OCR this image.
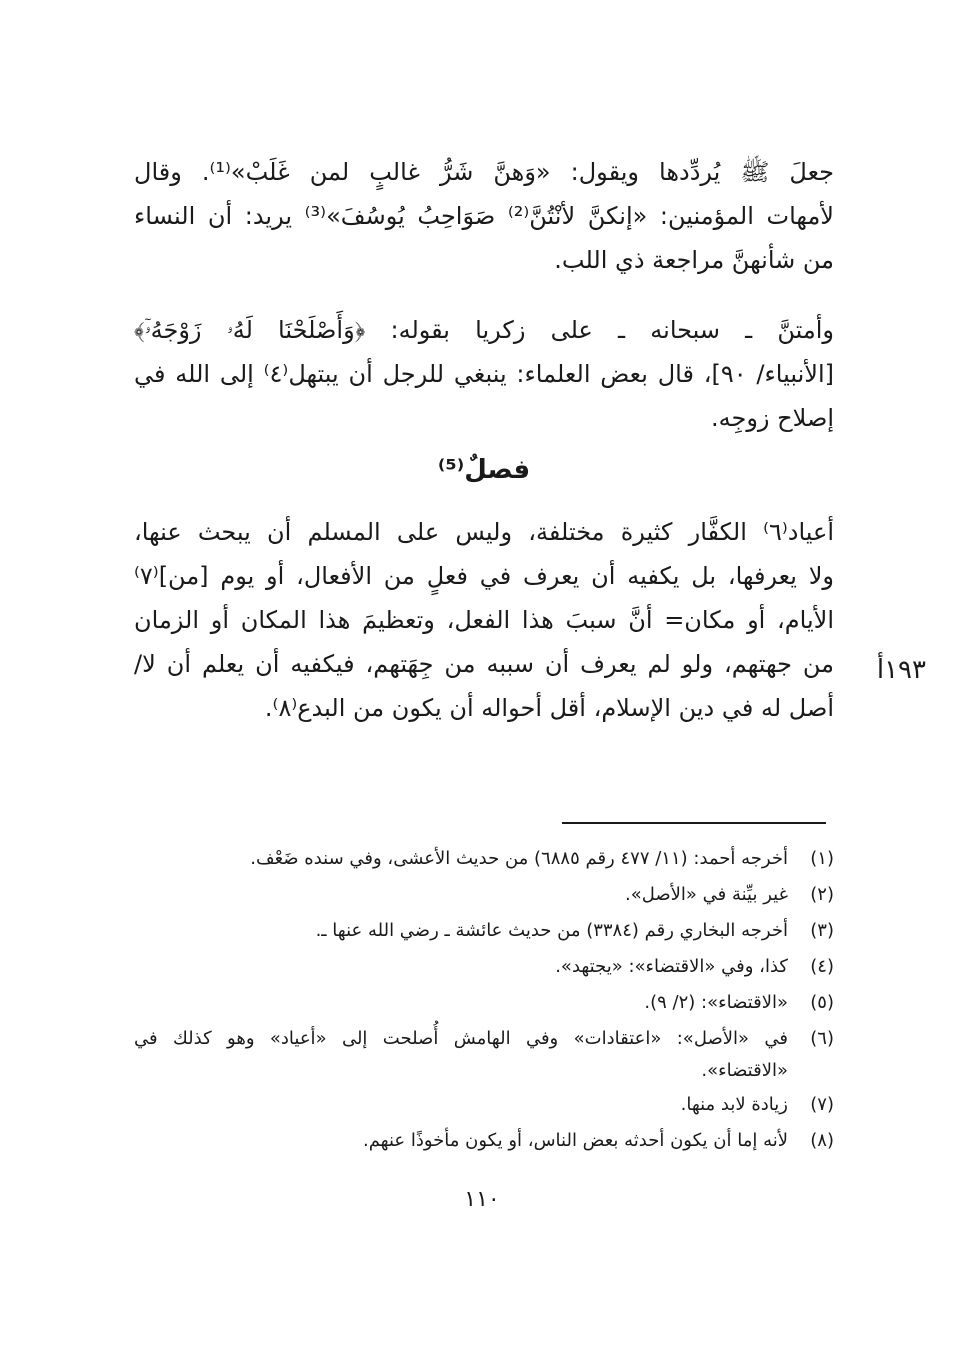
جعلَ ﷺ يُردِّدها ويقول: «وَهنَّ شَرُّ غالبٍ لمن غَلَبْ»⁽¹⁾. وقال
لأمهات المؤمنين: «إنكنَّ لأنْتُنَّ⁽²⁾ صَوَاحِبُ يُوسُفَ»⁽³⁾ يريد: أن النساء
من شأنهنَّ مراجعة ذي اللب.
وأمتنَّ ـ سبحانه ـ على زكريا بقوله: ﴿وَأَصْلَحْنَا لَهُۥ زَوْجَهُۥٓ﴾
[الأنبياء/ ٩٠]، قال بعض العلماء: ينبغي للرجل أن يبتهل⁽٤⁾ إلى الله في
إصلاح زوجِه.
فصلٌ⁽⁵⁾
أعياد⁽٦⁾ الكفَّار كثيرة مختلفة، وليس على المسلم أن يبحث عنها،
ولا يعرفها، بل يكفيه أن يعرف في فعلٍ من الأفعال، أو يوم [من]⁽٧⁾
الأيام، أو مكان= أنَّ سببَ هذا الفعل، وتعظيمَ هذا المكان أو الزمان
من جهتهم، ولو لم يعرف أن سببه من جِهَتهم، فيكفيه أن يعلم أن لا/
أصل له في دين الإسلام، أقل أحواله أن يكون من البدع⁽٨⁾.
١٩٣أ
(١)
أخرجه أحمد: (١١/ ٤٧٧ رقم ٦٨٨٥) من حديث الأعشى، وفي سنده ضَعْف.
(٢)
غير بيِّنة في «الأصل».
(٣)
أخرجه البخاري رقم (٣٣٨٤) من حديث عائشة ـ رضي الله عنها ـ.
(٤)
كذا، وفي «الاقتضاء»: «يجتهد».
(٥)
«الاقتضاء»: (٢/ ٩).
(٦)
في «الأصل»: «اعتقادات» وفي الهامش أُصلحت إلى «أعياد» وهو كذلك في
«الاقتضاء».
(٧)
زيادة لابد منها.
(٨)
لأنه إما أن يكون أحدثه بعض الناس، أو يكون مأخوذًا عنهم.
١١٠
